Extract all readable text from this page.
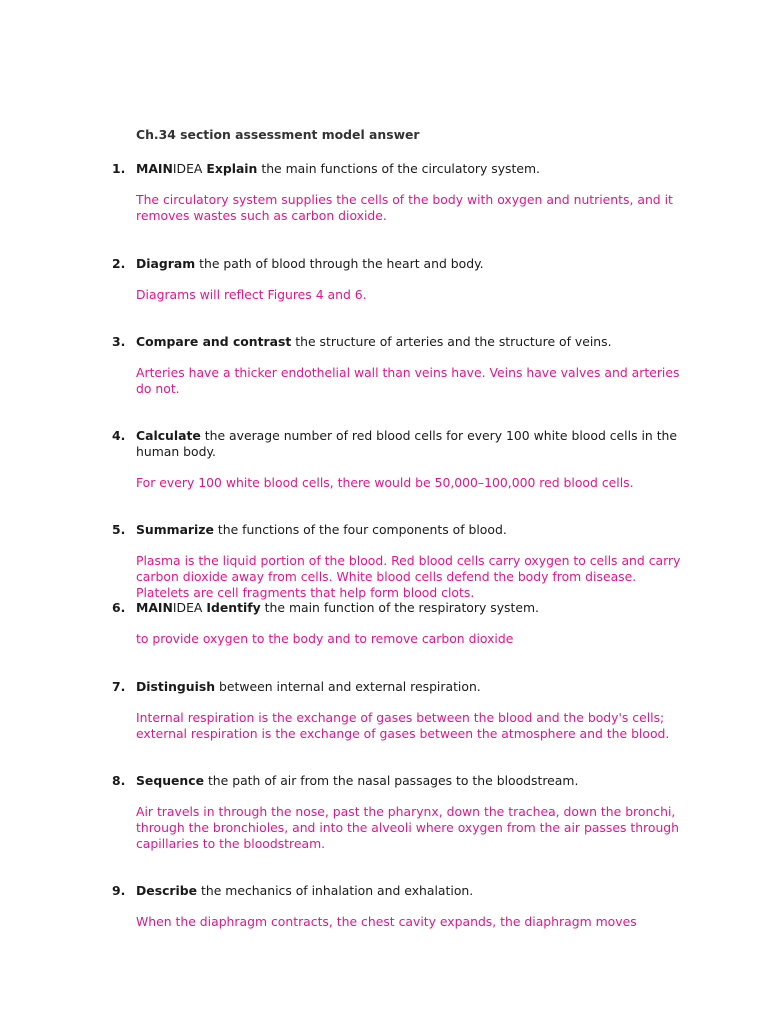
Ch.34 section assessment model answer
1. MAINIDEA Explain the main functions of the circulatory system.
The circulatory system supplies the cells of the body with oxygen and nutrients, and it removes wastes such as carbon dioxide.
2. Diagram the path of blood through the heart and body.
Diagrams will reflect Figures 4 and 6.
3. Compare and contrast the structure of arteries and the structure of veins.
Arteries have a thicker endothelial wall than veins have. Veins have valves and arteries do not.
4. Calculate the average number of red blood cells for every 100 white blood cells in the human body.
For every 100 white blood cells, there would be 50,000–100,000 red blood cells.
5. Summarize the functions of the four components of blood.
Plasma is the liquid portion of the blood. Red blood cells carry oxygen to cells and carry carbon dioxide away from cells. White blood cells defend the body from disease. Platelets are cell fragments that help form blood clots.
6. MAINIDEA Identify the main function of the respiratory system.
to provide oxygen to the body and to remove carbon dioxide
7. Distinguish between internal and external respiration.
Internal respiration is the exchange of gases between the blood and the body's cells; external respiration is the exchange of gases between the atmosphere and the blood.
8. Sequence the path of air from the nasal passages to the bloodstream.
Air travels in through the nose, past the pharynx, down the trachea, down the bronchi, through the bronchioles, and into the alveoli where oxygen from the air passes through capillaries to the bloodstream.
9. Describe the mechanics of inhalation and exhalation.
When the diaphragm contracts, the chest cavity expands, the diaphragm moves
